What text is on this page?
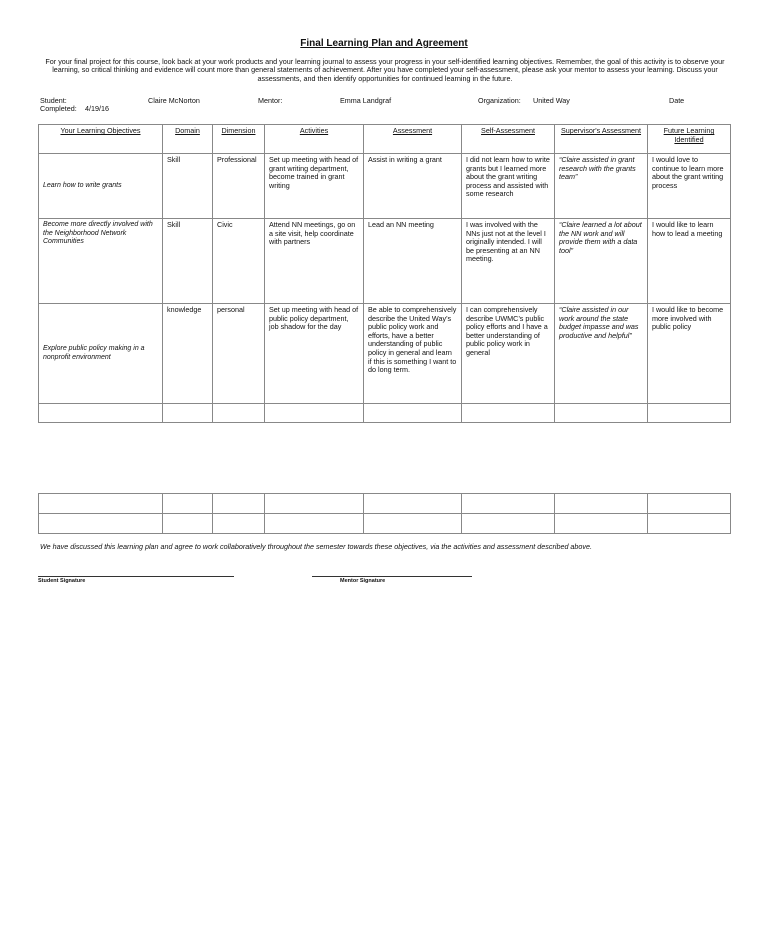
Final Learning Plan and Agreement
For your final project for this course, look back at your work products and your learning journal to assess your progress in your self-identified learning objectives. Remember, the goal of this activity is to observe your learning, so critical thinking and evidence will count more than general statements of achievement. After you have completed your self-assessment, please ask your mentor to assess your learning. Discuss your assessments, and then identify opportunities for continued learning in the future.
Student:	Claire McNorton	Mentor:	Emma Landgraf	Organization: United Way	Date
Completed: 4/19/16
Your Learning Objectives	Domain	Dimension	Activities	Assessment	Self-Assessment	Supervisor's Assessment	Future Learning Identified
Learn how to write grants	Skill	Professional	Set up meeting with head of grant writing department, become trained in grant writing	Assist in writing a grant	I did not learn how to write grants but I learned more about the grant writing process and assisted with some research	“Claire assisted in grant research with the grants team”	I would love to continue to learn more about the grant writing process
Become more directly involved with the Neighborhood Network Communities	Skill	Civic	Attend NN meetings, go on a site visit, help coordinate with partners	Lead an NN meeting	I was involved with the NNs just not at the level I originally intended. I will be presenting at an NN meeting.	“Claire learned a lot about the NN work and will provide them with a data tool”	I would like to learn how to lead a meeting
Explore public policy making in a nonprofit environment	knowledge	personal	Set up meeting with head of public policy department, job shadow for the day	Be able to comprehensively describe the United Way’s public policy work and efforts, have a better understanding of public policy in general and learn if this is something I want to do long term.	I can comprehensively describe UWMC’s public policy efforts and I have a better understanding of public policy work in general	“Claire assisted in our work around the state budget impasse and was productive and helpful”	I would like to become more involved with public policy

We have discussed this learning plan and agree to work collaboratively throughout the semester towards these objectives, via the activities and assessment described above.
Student Signature	Mentor Signature
